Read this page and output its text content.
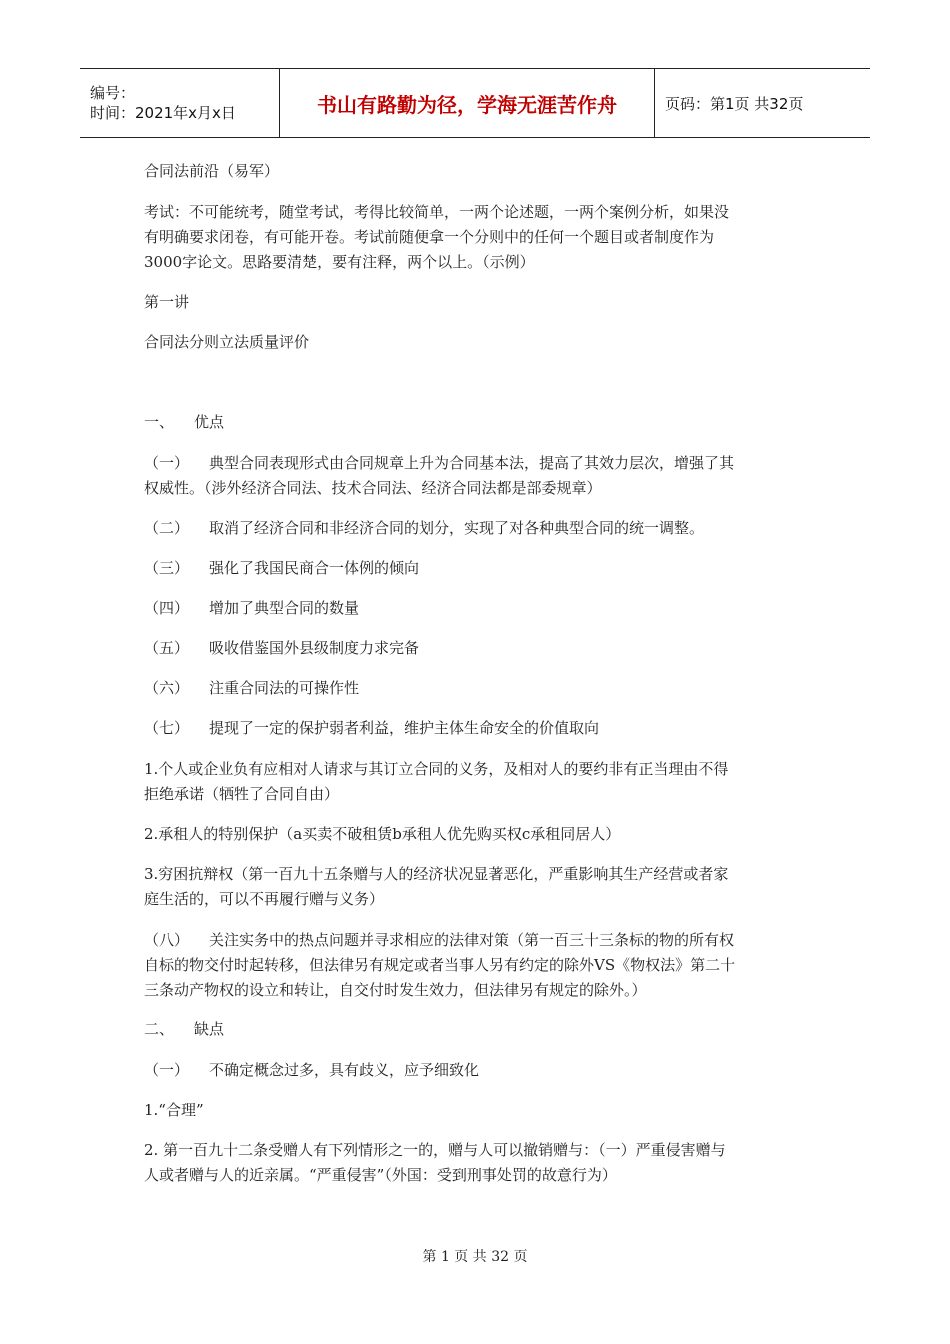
编号：
时间：2021年x月x日	书山有路勤为径，学海无涯苦作舟	页码：第1页 共32页
合同法前沿（易军）
考试：不可能统考，随堂考试，考得比较简单，一两个论述题，一两个案例分析，如果没
有明确要求闭卷，有可能开卷。考试前随便拿一个分则中的任何一个题目或者制度作为
3000字论文。思路要清楚，要有注释，两个以上。（示例）
第一讲
合同法分则立法质量评价
一、 优点
（一） 典型合同表现形式由合同规章上升为合同基本法，提高了其效力层次，增强了其
权威性。（涉外经济合同法、技术合同法、经济合同法都是部委规章）
（二） 取消了经济合同和非经济合同的划分，实现了对各种典型合同的统一调整。
（三） 强化了我国民商合一体例的倾向
（四） 增加了典型合同的数量
（五） 吸收借鉴国外县级制度力求完备
（六） 注重合同法的可操作性
（七） 提现了一定的保护弱者利益，维护主体生命安全的价值取向
1.个人或企业负有应相对人请求与其订立合同的义务，及相对人的要约非有正当理由不得
拒绝承诺（牺牲了合同自由）
2.承租人的特别保护（a买卖不破租赁b承租人优先购买权c承租同居人）
3.穷困抗辩权（第一百九十五条赠与人的经济状况显著恶化，严重影响其生产经营或者家
庭生活的，可以不再履行赠与义务）
（八） 关注实务中的热点问题并寻求相应的法律对策（第一百三十三条标的物的所有权
自标的物交付时起转移，但法律另有规定或者当事人另有约定的除外VS《物权法》第二十
三条动产物权的设立和转让，自交付时发生效力，但法律另有规定的除外。）
二、 缺点
（一） 不确定概念过多，具有歧义，应予细致化
1.“合理”
2. 第一百九十二条受赠人有下列情形之一的，赠与人可以撤销赠与：（一）严重侵害赠与
人或者赠与人的近亲属。“严重侵害”（外国：受到刑事处罚的故意行为）
第 1 页 共 32 页
